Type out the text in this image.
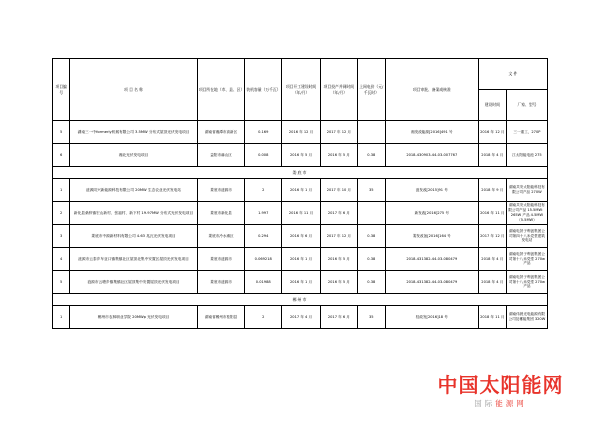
项目编号	项 目 名 称	项目所在地（市、县、区）	装机容量（万千瓦）	项目开工建设时间（年/月）	项目投产并网时间（年/月）	上网电价（元/千瓦时）	项目审批、备案或核准	文 件	
								建设时间	厂家、型号
5	湖南三一中formerly机械有限公司 3.5MW 分布式屋顶光伏发电项目	湖南省湘潭市高新区	0.169	2016 年 12 月	2017 年 12 月		湘发改能源[2016]491 号	2016 年 12 月	三一重工，270P
6	湘北光伏发电项目	益阳市赫山区	0.008	2016 年 5 月	2016 年 5 月	0.38	2018-430903-44-03-007767	2018 年 4 月	江太阳能电池 275
娄底市									
1	涟源同兴新能源科技有限公司 20MW 生态农业光伏发电站	娄底市涟源市	2	2016 年 1 月	2017 年 10 月	35	涟发改[2015]91 号	2018 年 9 月	湖南共安太阳能科技有限公司产品 270W
2	新化县桑梓镇宏山新村、张福村、新下村 19.97MW 分布式光伏发电项目	娄底市新化县	1.997	2016 年 11 月	2017 年 6 月		新发改[2016]275 号	2016 年 11 月	湖南共安太阳能科技有限公司产品 15.5MW：265W 产品 4.5MW（5.5MW）
3	娄底市中源新材料有限公司 4.63 兆瓦光伏发电项目	娄底市冷水滩区	0.294	2016 年 6 月	2017 年 12 月	0.38	娄发改备[2016]164 号	2017 年 12 月	湖南电饼子利创集团公司第四十八米党堂建筑发电站
4	涟源市云泰乡车亚口镇集镇社区屋顶北集中安置区屋顶光伏发电项目	娄底市涟源市	0.069218	2016 年 1 月	2016 年 5 月	0.38	2018-431382-44-03-080479	2018 年 4 月	湖南电饼子利创集团公司第十八米党堂 270w 产品
5	涟源市云塘乡镇集镇社区屋顶集中安置屋顶光伏发电项目	娄底市涟源市	0.01988	2016 年 1 月	2016 年 5 月	0.38	2018-431382-44-03-080479	2018 年 4 月	湖南电饼子利创集团公司第十八米党堂 270w 产品
郴州市									
1	郴州市农林职业学院 20MWp 光伏发电项目	湖南省郴州市桂阳县	2	2017 年 4 月	2017 年 6 月	35	桂政发[2016]18 号	2018 年 11 月	湖南伟晨光电能源有限公司及郴能集团 320W
中国太阳能网
国际能源网
